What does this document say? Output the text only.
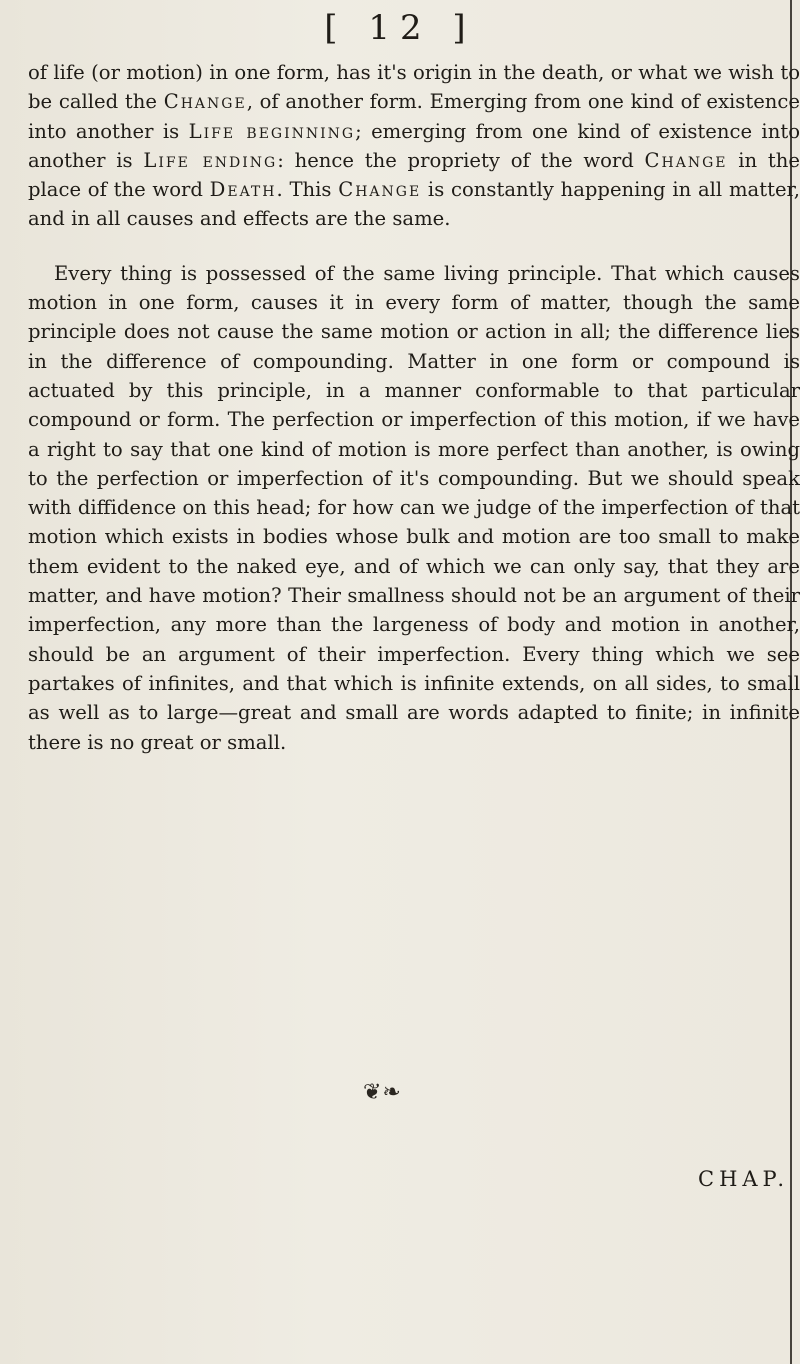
[ 12 ]

of life (or motion) in one form, has it's origin in the death, or what we wish to be called the Change, of another form. Emerging from one kind of existence into another is Life beginning; emerging from one kind of existence into another is Life ending: hence the propriety of the word Change in the place of the word Death. This Change is constantly happening in all matter, and in all causes and effects are the same.

Every thing is possessed of the same living principle. That which causes motion in one form, causes it in every form of matter, though the same principle does not cause the same motion or action in all; the difference lies in the difference of compounding. Matter in one form or compound is actuated by this principle, in a manner conformable to that particular compound or form. The perfection or imperfection of this motion, if we have a right to say that one kind of motion is more perfect than another, is owing to the perfection or imperfection of it's compounding. But we should speak with diffidence on this head; for how can we judge of the imperfection of that motion which exists in bodies whose bulk and motion are too small to make them evident to the naked eye, and of which we can only say, that they are matter, and have motion? Their smallness should not be an argument of their imperfection, any more than the largeness of body and motion in another, should be an argument of their imperfection. Every thing which we see partakes of infinites, and that which is infinite extends, on all sides, to small as well as to large—great and small are words adapted to finite; in infinite there is no great or small.

❦❧
CHAP.
